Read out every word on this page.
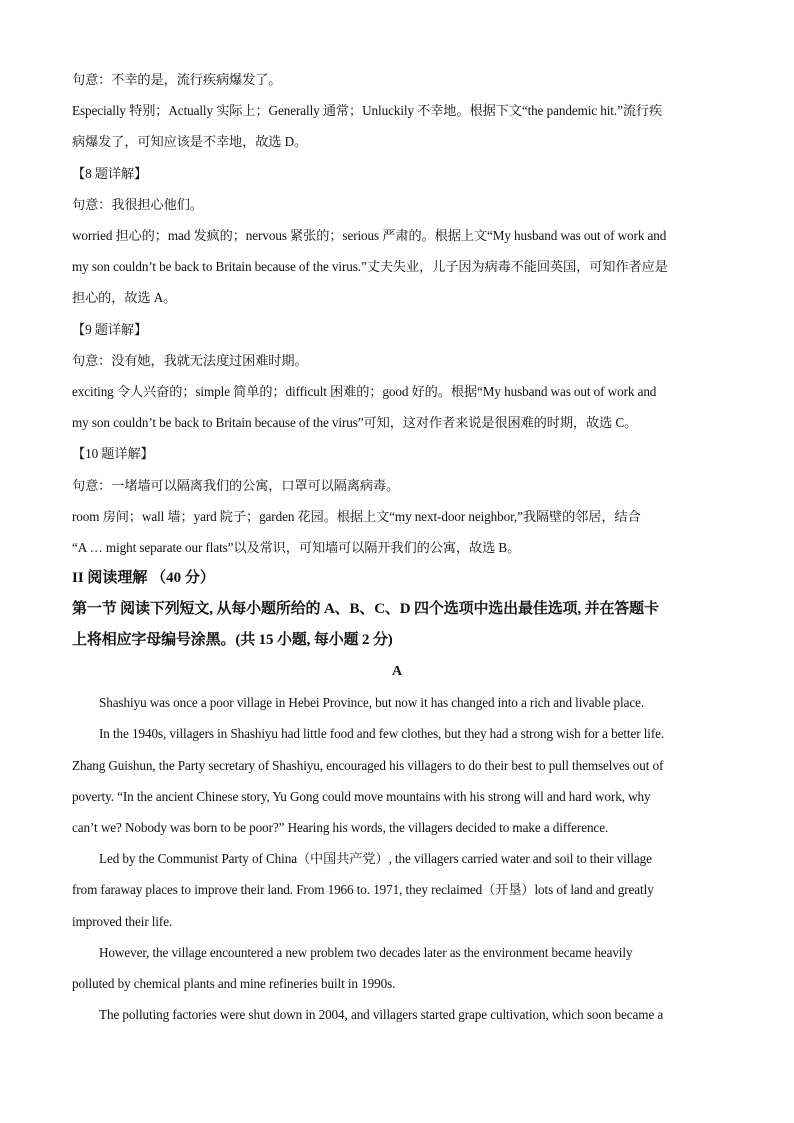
句意：不幸的是，流行疾病爆发了。
Especially 特别；Actually 实际上；Generally 通常；Unluckily 不幸地。根据下文“the pandemic hit.”流行疾
病爆发了，可知应该是不幸地，故选 D。
【8 题详解】
句意：我很担心他们。
worried 担心的；mad 发疯的；nervous 紧张的；serious 严肃的。根据上文“My husband was out of work and
my son couldn’t be back to Britain because of the virus.”丈夫失业，儿子因为病毒不能回英国，可知作者应是
担心的，故选 A。
【9 题详解】
句意：没有她，我就无法度过困难时期。
exciting 令人兴奋的；simple 简单的；difficult 困难的；good 好的。根据“My husband was out of work and
my son couldn’t be back to Britain because of the virus”可知，这对作者来说是很困难的时期，故选 C。
【10 题详解】
句意：一堵墙可以隔离我们的公寓，口罩可以隔离病毒。
room 房间；wall 墙；yard 院子；garden 花园。根据上文“my next-door neighbor,”我隔壁的邻居，结合
“A … might separate our flats”以及常识，可知墙可以隔开我们的公寓，故选 B。
II 阅读理解 （40 分）
第一节 阅读下列短文, 从每小题所给的 A、B、C、D 四个选项中选出最佳选项, 并在答题卡
上将相应字母编号涂黑。(共 15 小题, 每小题 2 分)
A
Shashiyu was once a poor village in Hebei Province, but now it has changed into a rich and livable place.
In the 1940s, villagers in Shashiyu had little food and few clothes, but they had a strong wish for a better life.
Zhang Guishun, the Party secretary of Shashiyu, encouraged his villagers to do their best to pull themselves out of
poverty. “In the ancient Chinese story, Yu Gong could move mountains with his strong will and hard work, why
can’t we? Nobody was born to be poor?” Hearing his words, the villagers decided to make a difference.
Led by the Communist Party of China（中国共产党）, the villagers carried water and soil to their village
from faraway places to improve their land. From 1966 to. 1971, they reclaimed（开垦）lots of land and greatly
improved their life.
However, the village encountered a new problem two decades later as the environment became heavily
polluted by chemical plants and mine refineries built in 1990s.
The polluting factories were shut down in 2004, and villagers started grape cultivation, which soon became a
